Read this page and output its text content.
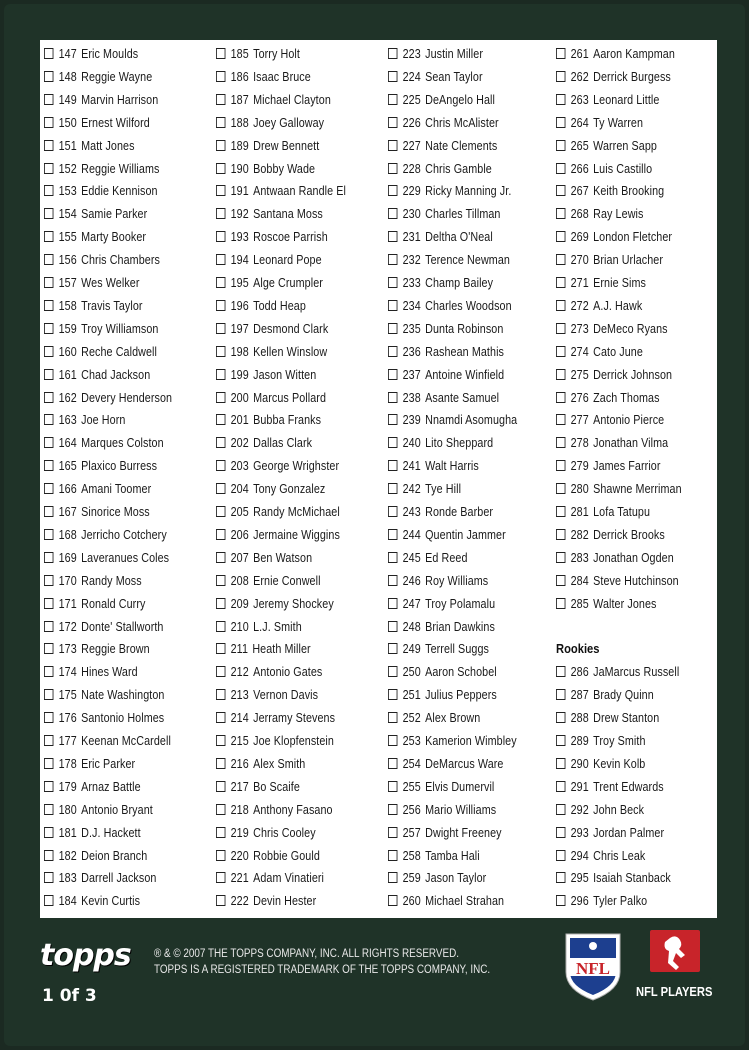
147 Eric Moulds
148 Reggie Wayne
149 Marvin Harrison
150 Ernest Wilford
151 Matt Jones
152 Reggie Williams
153 Eddie Kennison
154 Samie Parker
155 Marty Booker
156 Chris Chambers
157 Wes Welker
158 Travis Taylor
159 Troy Williamson
160 Reche Caldwell
161 Chad Jackson
162 Devery Henderson
163 Joe Horn
164 Marques Colston
165 Plaxico Burress
166 Amani Toomer
167 Sinorice Moss
168 Jerricho Cotchery
169 Laveranues Coles
170 Randy Moss
171 Ronald Curry
172 Donte' Stallworth
173 Reggie Brown
174 Hines Ward
175 Nate Washington
176 Santonio Holmes
177 Keenan McCardell
178 Eric Parker
179 Arnaz Battle
180 Antonio Bryant
181 D.J. Hackett
182 Deion Branch
183 Darrell Jackson
184 Kevin Curtis
185 Torry Holt
186 Isaac Bruce
187 Michael Clayton
188 Joey Galloway
189 Drew Bennett
190 Bobby Wade
191 Antwaan Randle El
192 Santana Moss
193 Roscoe Parrish
194 Leonard Pope
195 Alge Crumpler
196 Todd Heap
197 Desmond Clark
198 Kellen Winslow
199 Jason Witten
200 Marcus Pollard
201 Bubba Franks
202 Dallas Clark
203 George Wrighster
204 Tony Gonzalez
205 Randy McMichael
206 Jermaine Wiggins
207 Ben Watson
208 Ernie Conwell
209 Jeremy Shockey
210 L.J. Smith
211 Heath Miller
212 Antonio Gates
213 Vernon Davis
214 Jerramy Stevens
215 Joe Klopfenstein
216 Alex Smith
217 Bo Scaife
218 Anthony Fasano
219 Chris Cooley
220 Robbie Gould
221 Adam Vinatieri
222 Devin Hester
223 Justin Miller
224 Sean Taylor
225 DeAngelo Hall
226 Chris McAlister
227 Nate Clements
228 Chris Gamble
229 Ricky Manning Jr.
230 Charles Tillman
231 Deltha O'Neal
232 Terence Newman
233 Champ Bailey
234 Charles Woodson
235 Dunta Robinson
236 Rashean Mathis
237 Antoine Winfield
238 Asante Samuel
239 Nnamdi Asomugha
240 Lito Sheppard
241 Walt Harris
242 Tye Hill
243 Ronde Barber
244 Quentin Jammer
245 Ed Reed
246 Roy Williams
247 Troy Polamalu
248 Brian Dawkins
249 Terrell Suggs
250 Aaron Schobel
251 Julius Peppers
252 Alex Brown
253 Kamerion Wimbley
254 DeMarcus Ware
255 Elvis Dumervil
256 Mario Williams
257 Dwight Freeney
258 Tamba Hali
259 Jason Taylor
260 Michael Strahan
Rookies
261 Aaron Kampman
262 Derrick Burgess
263 Leonard Little
264 Ty Warren
265 Warren Sapp
266 Luis Castillo
267 Keith Brooking
268 Ray Lewis
269 London Fletcher
270 Brian Urlacher
271 Ernie Sims
272 A.J. Hawk
273 DeMeco Ryans
274 Cato June
275 Derrick Johnson
276 Zach Thomas
277 Antonio Pierce
278 Jonathan Vilma
279 James Farrior
280 Shawne Merriman
281 Lofa Tatupu
282 Derrick Brooks
283 Jonathan Ogden
284 Steve Hutchinson
285 Walter Jones
286 JaMarcus Russell
287 Brady Quinn
288 Drew Stanton
289 Troy Smith
290 Kevin Kolb
291 Trent Edwards
292 John Beck
293 Jordan Palmer
294 Chris Leak
295 Isaiah Stanback
296 Tyler Palko
topps
1 0f 3
® & © 2007 THE TOPPS COMPANY, INC. ALL RIGHTS RESERVED.
TOPPS IS A REGISTERED TRADEMARK OF THE TOPPS COMPANY, INC.	NFL
NFL PLAYERS
